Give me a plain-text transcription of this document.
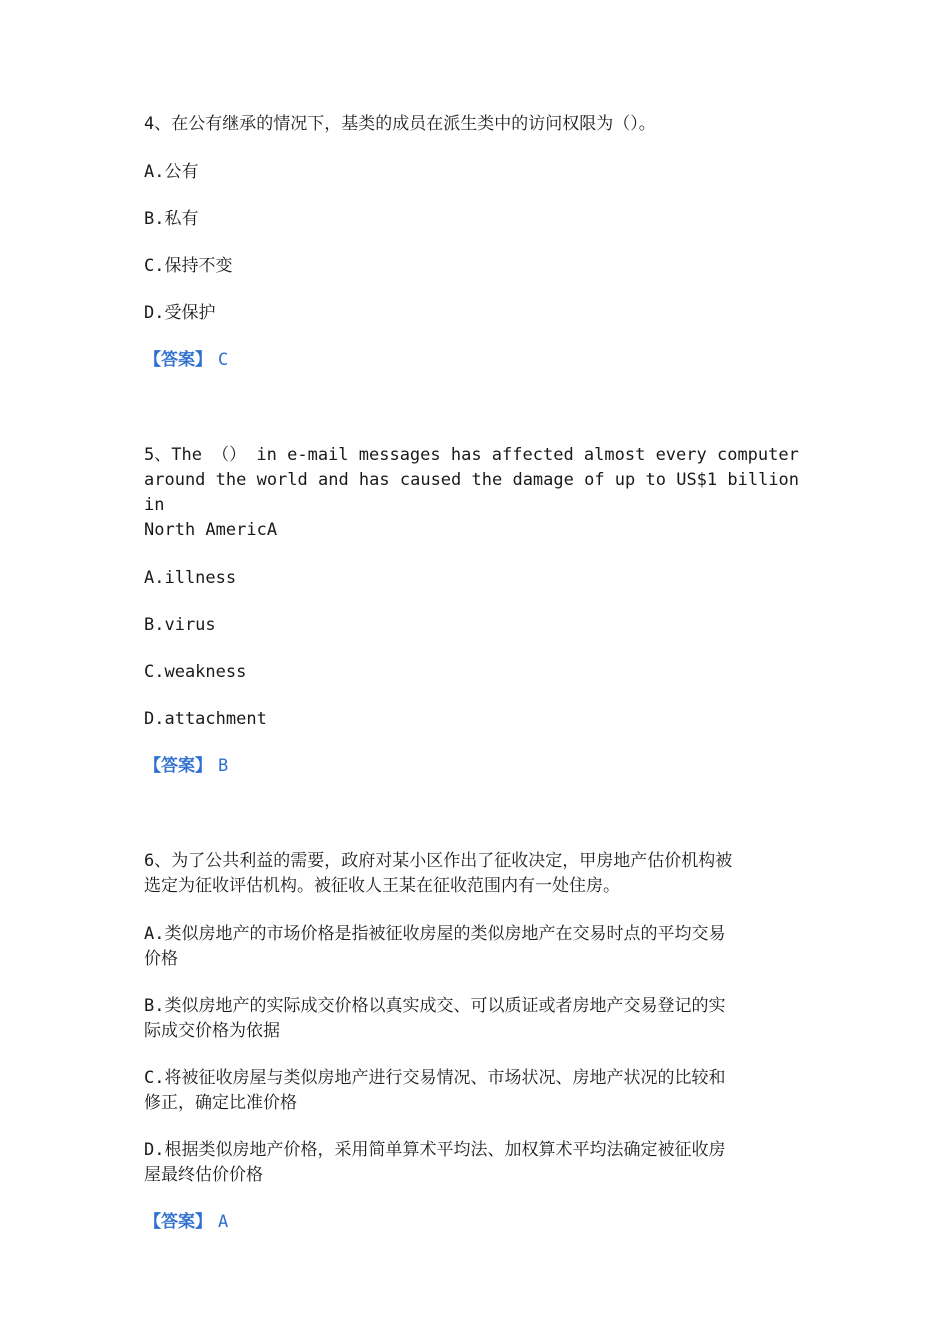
4、在公有继承的情况下，基类的成员在派生类中的访问权限为（）。

A.公有

B.私有

C.保持不变

D.受保护

【答案】 C

5、The （） in e-mail messages has affected almost every computer
around the world and has caused the damage of up to US$1 billion in
North AmericA

A.illness

B.virus

C.weakness

D.attachment

【答案】 B

6、为了公共利益的需要，政府对某小区作出了征收决定，甲房地产估价机构被
选定为征收评估机构。被征收人王某在征收范围内有一处住房。

A.类似房地产的市场价格是指被征收房屋的类似房地产在交易时点的平均交易
价格

B.类似房地产的实际成交价格以真实成交、可以质证或者房地产交易登记的实
际成交价格为依据

C.将被征收房屋与类似房地产进行交易情况、市场状况、房地产状况的比较和
修正，确定比准价格

D.根据类似房地产价格，采用简单算术平均法、加权算术平均法确定被征收房
屋最终估价价格

【答案】 A
